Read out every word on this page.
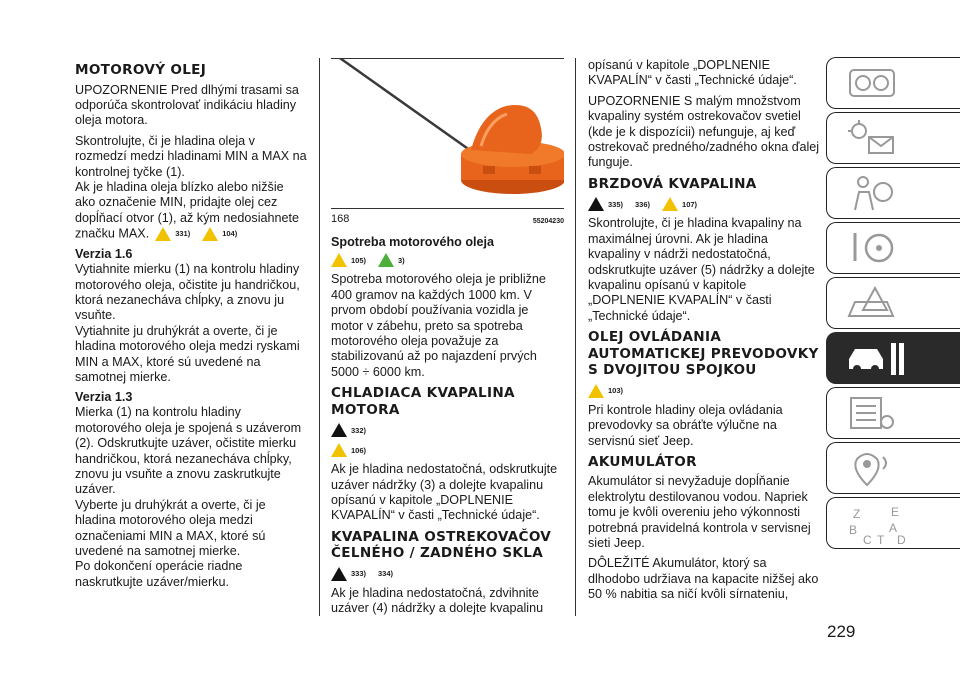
MOTOROVÝ OLEJ

UPOZORNENIE Pred dlhými trasami sa odporúča skontrolovať indikáciu hladiny oleja motora.

Skontrolujte, či je hladina oleja v rozmedzí medzi hladinami MIN a MAX na kontrolnej tyčke (1).

Ak je hladina oleja blízko alebo nižšie ako označenie MIN, pridajte olej cez dopĺňací otvor (1), až kým nedosiahnete značku MAX.	331)	104)

Verzia 1.6

Vytiahnite mierku (1) na kontrolu hladiny motorového oleja, očistite ju handričkou, ktorá nezanecháva chĺpky, a znovu ju vsuňte.

Vytiahnite ju druhýkrát a overte, či je hladina motorového oleja medzi ryskami MIN a MAX, ktoré sú uvedené na samotnej mierke.

Verzia 1.3

Mierka (1) na kontrolu hladiny motorového oleja je spojená s uzáverom (2). Odskrutkujte uzáver, očistite mierku handričkou, ktorá nezanecháva chĺpky, znovu ju vsuňte a znovu zaskrutkujte uzáver.

Vyberte ju druhýkrát a overte, či je hladina motorového oleja medzi označeniami MIN a MAX, ktoré sú uvedené na samotnej mierke.

Po dokončení operácie riadne naskrutkujte uzáver/mierku.

168	55204230
Spotreba motorového oleja
105)	3)

Spotreba motorového oleja je približne 400 gramov na každých 1000 km. V prvom období používania vozidla je motor v zábehu, preto sa spotreba motorového oleja považuje za stabilizovanú až po najazdení prvých 5000 ÷ 6000 km.

CHLADIACA KVAPALINA MOTORA
332)
106)

Ak je hladina nedostatočná, odskrutkujte uzáver nádržky (3) a dolejte kvapalinu opísanú v kapitole „DOPLNENIE KVAPALÍN“ v časti „Technické údaje“.

KVAPALINA OSTREKOVAČOV ČELNÉHO / ZADNÉHO SKLA
333) 334)

Ak je hladina nedostatočná, zdvihnite uzáver (4) nádržky a dolejte kvapalinu

opísanú v kapitole „DOPLNENIE KVAPALÍN“ v časti „Technické údaje“.

UPOZORNENIE S malým množstvom kvapaliny systém ostrekovačov svetiel (kde je k dispozícii) nefunguje, aj keď ostrekovač predného/zadného okna ďalej funguje.

BRZDOVÁ KVAPALINA
335) 336)	107)

Skontrolujte, či je hladina kvapaliny na maximálnej úrovni. Ak je hladina kvapaliny v nádrži nedostatočná, odskrutkujte uzáver (5) nádržky a dolejte kvapalinu opísanú v kapitole „DOPLNENIE KVAPALÍN“ v časti „Technické údaje“.

OLEJ OVLÁDANIA AUTOMATICKEJ PREVODOVKY S DVOJITOU SPOJKOU
103)

Pri kontrole hladiny oleja ovládania prevodovky sa obráťte výlučne na servisnú sieť Jeep.

AKUMULÁTOR

Akumulátor si nevyžaduje dopĺňanie elektrolytu destilovanou vodou. Napriek tomu je kvôli overeniu jeho výkonnosti potrebná pravidelná kontrola v servisnej sieti Jeep.

DÔLEŽITÉ Akumulátor, ktorý sa dlhodobo udržiava na kapacite nižšej ako 50 % nabitia sa ničí kvôli sírnateniu,

Z	E
B	A
C T D
229
